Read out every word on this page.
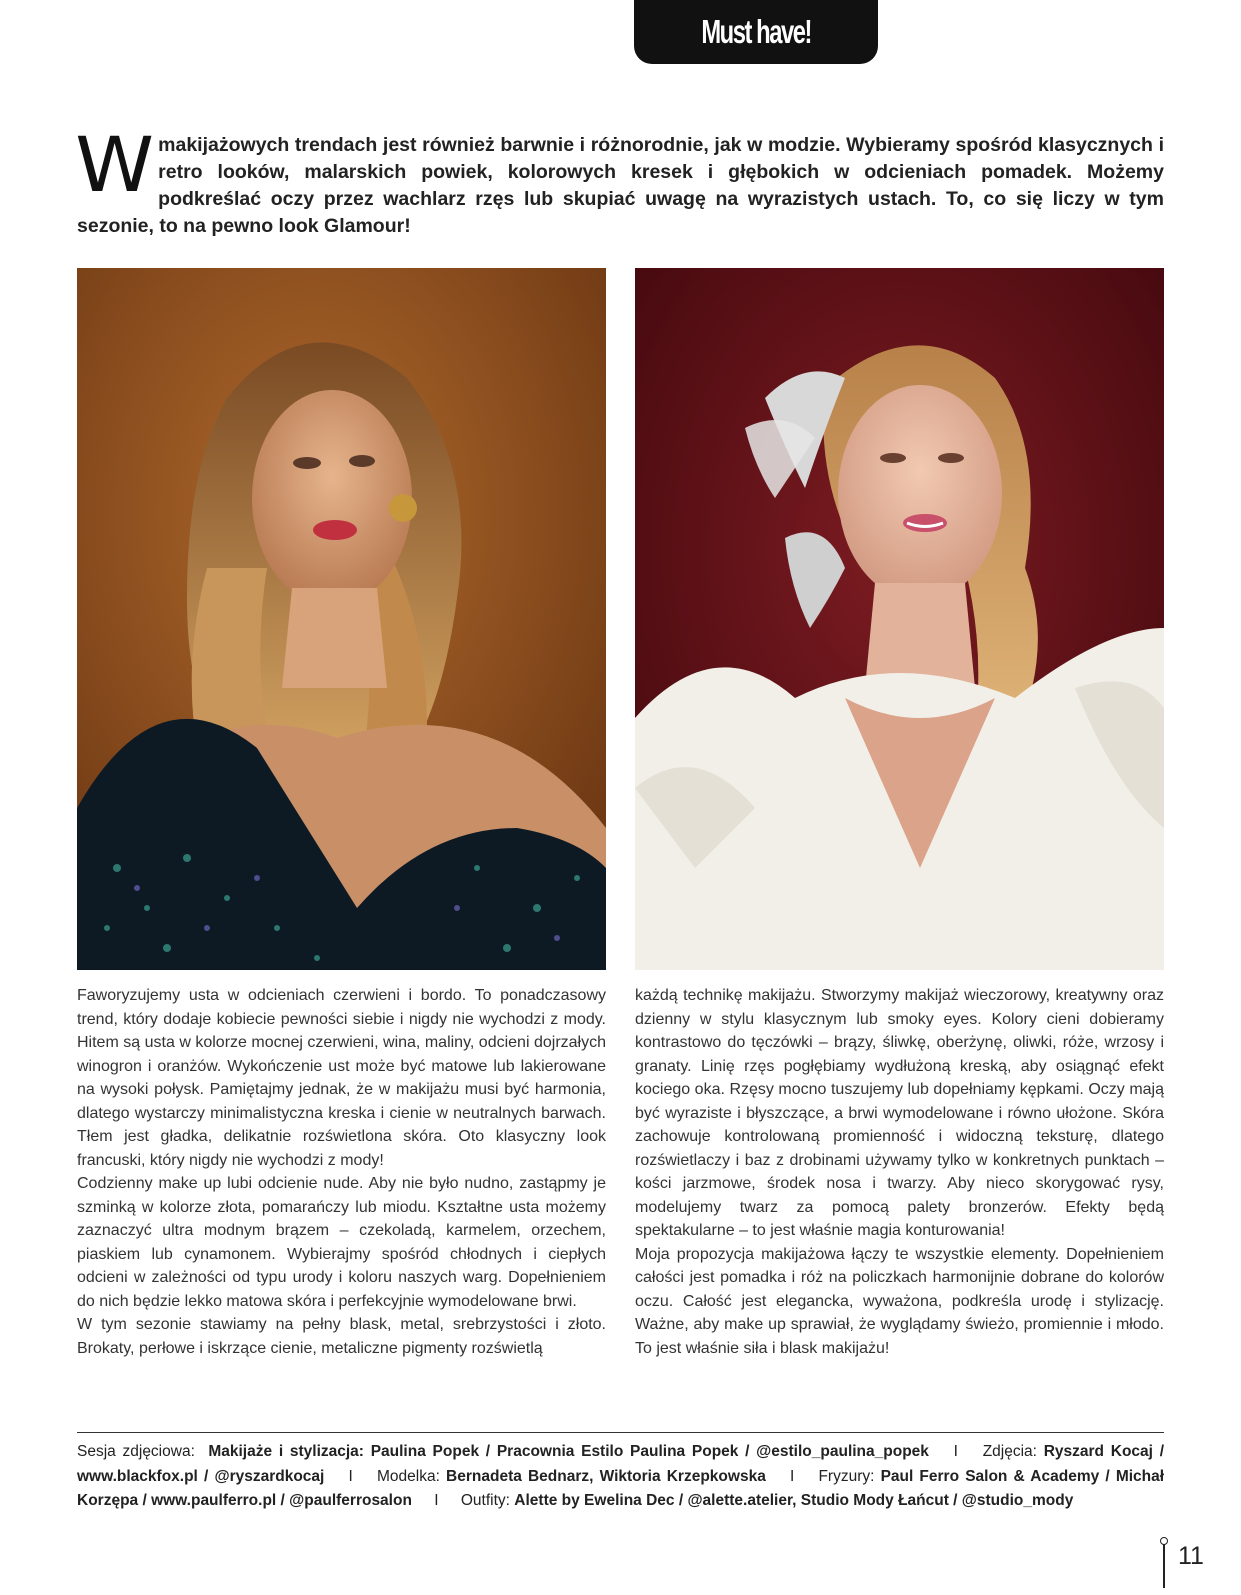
Must have!
Wmakijażowych trendach jest również barwnie i różnorodnie, jak w modzie. Wybieramy spośród klasycznych i retro looków, malarskich powiek, kolorowych kresek i głębokich w odcieniach pomadek. Możemy podkreślać oczy przez wachlarz rzęs lub skupiać uwagę na wyrazistych ustach. To, co się liczy w tym sezonie, to na pewno look Glamour!

Faworyzujemy usta w odcieniach czerwieni i bordo. To ponadczasowy trend, który dodaje kobiecie pewności siebie i nigdy nie wychodzi z mody. Hitem są usta w kolorze mocnej czerwieni, wina, maliny, odcieni dojrzałych winogron i oranżów. Wykończenie ust może być matowe lub lakierowane na wysoki połysk. Pamiętajmy jednak, że w makijażu musi być harmonia, dlatego wystarczy minimalistyczna kreska i cienie w neutralnych barwach. Tłem jest gładka, delikatnie rozświetlona skóra. Oto klasyczny look francuski, który nigdy nie wychodzi z mody!

Codzienny make up lubi odcienie nude. Aby nie było nudno, zastąpmy je szminką w kolorze złota, pomarańczy lub miodu. Kształtne usta możemy zaznaczyć ultra modnym brązem – czekoladą, karmelem, orzechem, piaskiem lub cynamonem. Wybierajmy spośród chłodnych i ciepłych odcieni w zależności od typu urody i koloru naszych warg. Dopełnieniem do nich będzie lekko matowa skóra i perfekcyjnie wymodelowane brwi.

W tym sezonie stawiamy na pełny blask, metal, srebrzystości i złoto. Brokaty, perłowe i iskrzące cienie, metaliczne pigmenty rozświetlą

każdą technikę makijażu. Stworzymy makijaż wieczorowy, kreatywny oraz dzienny w stylu klasycznym lub smoky eyes. Kolory cieni dobieramy kontrastowo do tęczówki – brązy, śliwkę, oberżynę, oliwki, róże, wrzosy i granaty. Linię rzęs pogłębiamy wydłużoną kreską, aby osiągnąć efekt kociego oka. Rzęsy mocno tuszujemy lub dopełniamy kępkami. Oczy mają być wyraziste i błyszczące, a brwi wymodelowane i równo ułożone. Skóra zachowuje kontrolowaną promienność i widoczną teksturę, dlatego rozświetlaczy i baz z drobinami używamy tylko w konkretnych punktach – kości jarzmowe, środek nosa i twarzy. Aby nieco skorygować rysy, modelujemy twarz za pomocą palety bronzerów. Efekty będą spektakularne – to jest właśnie magia konturowania!

Moja propozycja makijażowa łączy te wszystkie elementy. Dopełnieniem całości jest pomadka i róż na policzkach harmonijnie dobrane do kolorów oczu. Całość jest elegancka, wyważona, podkreśla urodę i stylizację. Ważne, aby make up sprawiał, że wyglądamy świeżo, promiennie i młodo. To jest właśnie siła i blask makijażu!

Sesja zdjęciowa: Makijaże i stylizacja: Paulina Popek / Pracownia Estilo Paulina Popek / @estilo_paulina_popek I Zdjęcia: Ryszard Kocaj / www.blackfox.pl / @ryszardkocaj I Modelka: Bernadeta Bednarz, Wiktoria Krzepkowska I Fryzury: Paul Ferro Salon & Academy / Michał Korzępa / www.paulferro.pl / @paulferrosalon I Outfity: Alette by Ewelina Dec / @alette.atelier, Studio Mody Łańcut / @studio_mody
11
